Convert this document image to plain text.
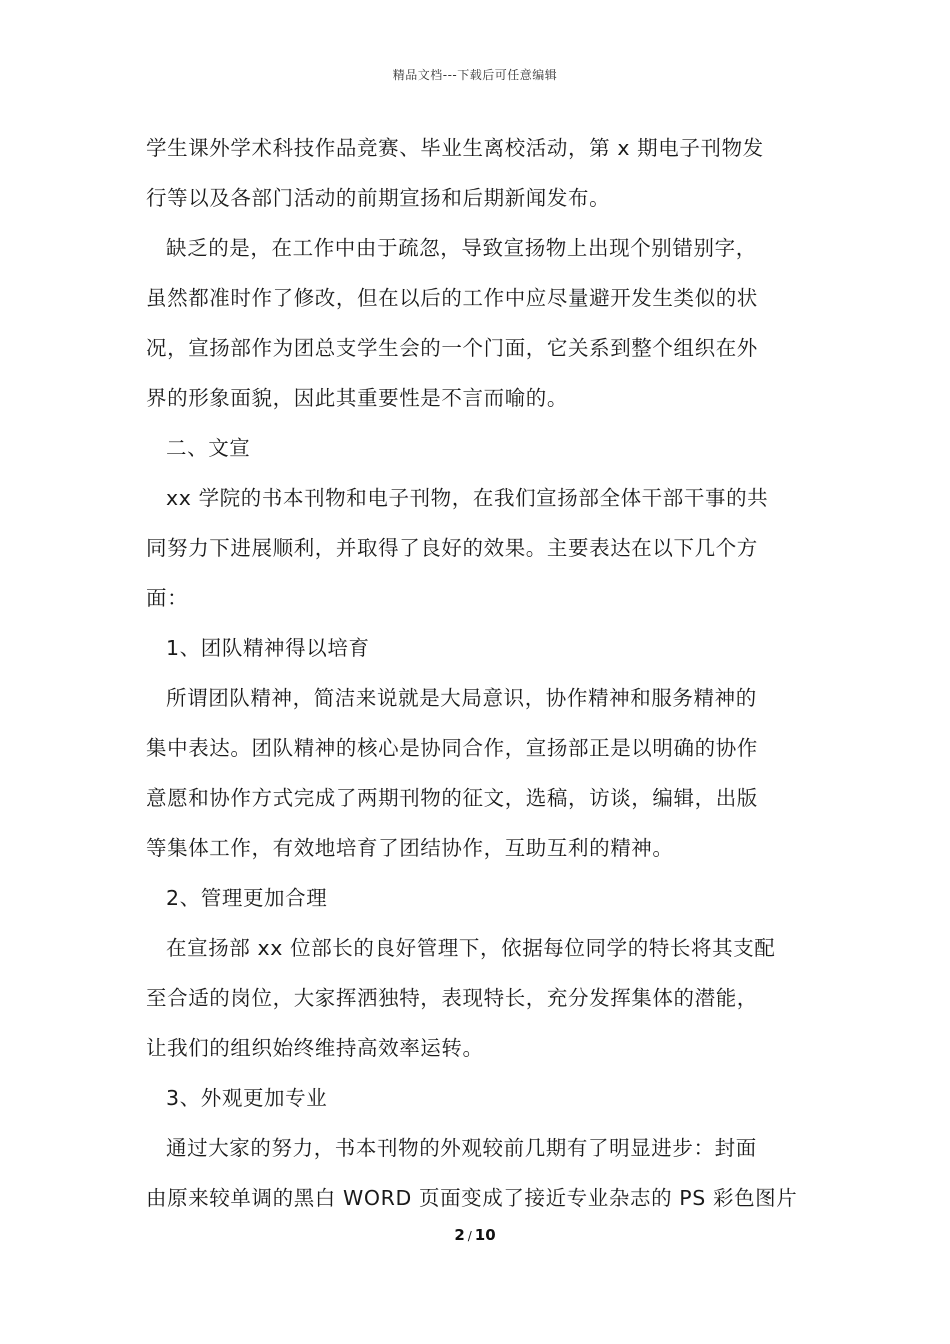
精品文档---下载后可任意编辑
学生课外学术科技作品竞赛、毕业生离校活动，第 x 期电子刊物发
行等以及各部门活动的前期宣扬和后期新闻发布。
缺乏的是，在工作中由于疏忽，导致宣扬物上出现个别错别字，
虽然都准时作了修改，但在以后的工作中应尽量避开发生类似的状
况，宣扬部作为团总支学生会的一个门面，它关系到整个组织在外
界的形象面貌，因此其重要性是不言而喻的。
二、文宣
xx 学院的书本刊物和电子刊物，在我们宣扬部全体干部干事的共
同努力下进展顺利，并取得了良好的效果。主要表达在以下几个方
面：
1、团队精神得以培育
所谓团队精神，简洁来说就是大局意识，协作精神和服务精神的
集中表达。团队精神的核心是协同合作，宣扬部正是以明确的协作
意愿和协作方式完成了两期刊物的征文，选稿，访谈，编辑，出版
等集体工作，有效地培育了团结协作，互助互利的精神。
2、管理更加合理
在宣扬部 xx 位部长的良好管理下，依据每位同学的特长将其支配
至合适的岗位，大家挥洒独特，表现特长，充分发挥集体的潜能，
让我们的组织始终维持高效率运转。
3、外观更加专业
通过大家的努力，书本刊物的外观较前几期有了明显进步：封面
由原来较单调的黑白 WORD 页面变成了接近专业杂志的 PS 彩色图片
2 / 10
